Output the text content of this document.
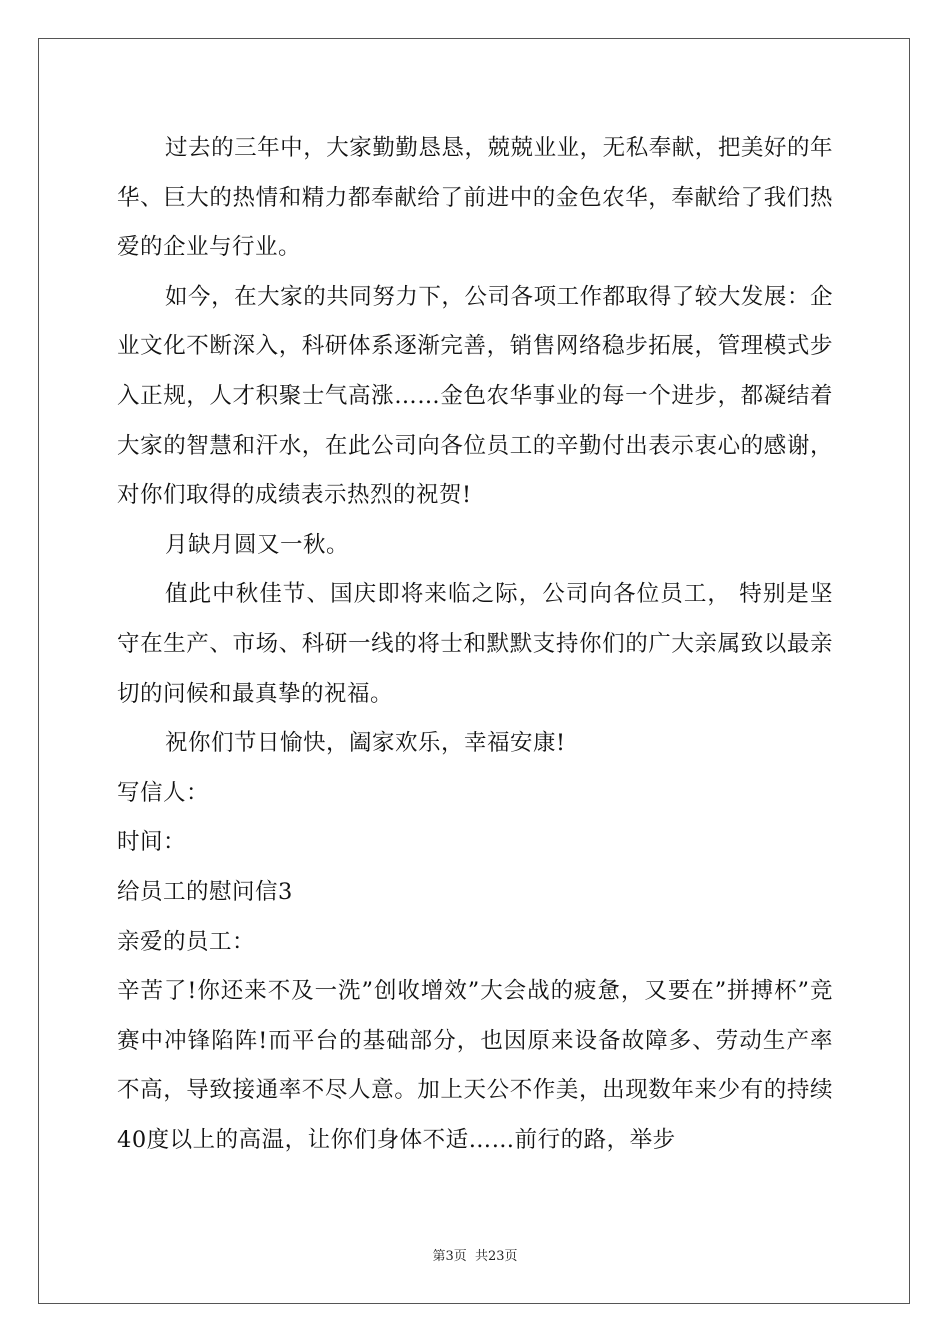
过去的三年中，大家勤勤恳恳，兢兢业业，无私奉献，把美好的年华、巨大的热情和精力都奉献给了前进中的金色农华，奉献给了我们热爱的企业与行业。

如今，在大家的共同努力下，公司各项工作都取得了较大发展：企业文化不断深入，科研体系逐渐完善，销售网络稳步拓展，管理模式步入正规，人才积聚士气高涨……金色农华事业的每一个进步，都凝结着大家的智慧和汗水，在此公司向各位员工的辛勤付出表示衷心的感谢，对你们取得的成绩表示热烈的祝贺!

月缺月圆又一秋。

值此中秋佳节、国庆即将来临之际，公司向各位员工， 特别是坚守在生产、市场、科研一线的将士和默默支持你们的广大亲属致以最亲切的问候和最真挚的祝福。

祝你们节日愉快，阖家欢乐，幸福安康!

写信人：

时间：

给员工的慰问信3

亲爱的员工：

辛苦了!你还来不及一洗”创收增效”大会战的疲惫，又要在”拼搏杯”竞赛中冲锋陷阵!而平台的基础部分，也因原来设备故障多、劳动生产率不高，导致接通率不尽人意。加上天公不作美，出现数年来少有的持续40度以上的高温，让你们身体不适……前行的路，举步

第3页 共23页
